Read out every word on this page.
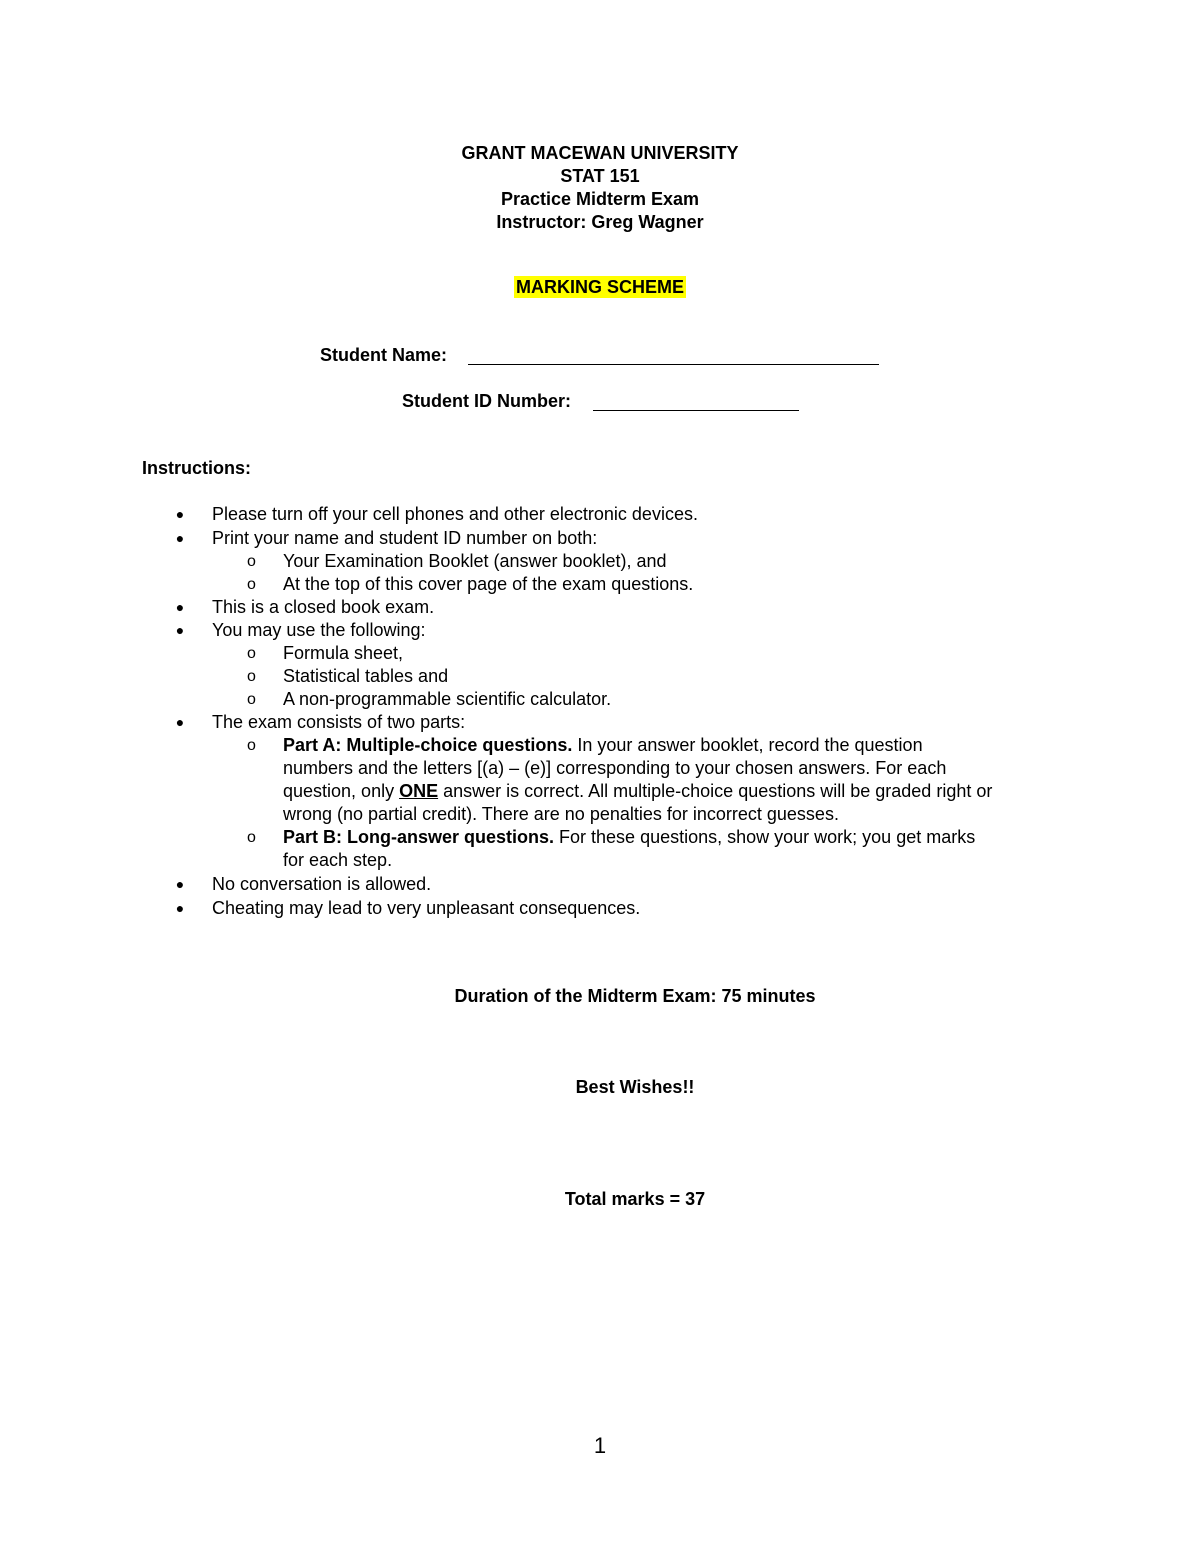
GRANT MACEWAN UNIVERSITY
STAT 151
Practice Midterm Exam
Instructor: Greg Wagner
MARKING SCHEME
Student Name:
Student ID Number:
Instructions:
● Please turn off your cell phones and other electronic devices.
● Print your name and student ID number on both:
o Your Examination Booklet (answer booklet), and
o At the top of this cover page of the exam questions.
● This is a closed book exam.
● You may use the following:
o Formula sheet,
o Statistical tables and
o A non-programmable scientific calculator.
● The exam consists of two parts:
o Part A: Multiple-choice questions. In your answer booklet, record the question
numbers and the letters [(a) – (e)] corresponding to your chosen answers. For each
question, only ONE answer is correct. All multiple-choice questions will be graded right or
wrong (no partial credit). There are no penalties for incorrect guesses.
o Part B: Long-answer questions. For these questions, show your work; you get marks
for each step.
● No conversation is allowed.
● Cheating may lead to very unpleasant consequences.
Duration of the Midterm Exam: 75 minutes
Best Wishes!!
Total marks = 37
1
